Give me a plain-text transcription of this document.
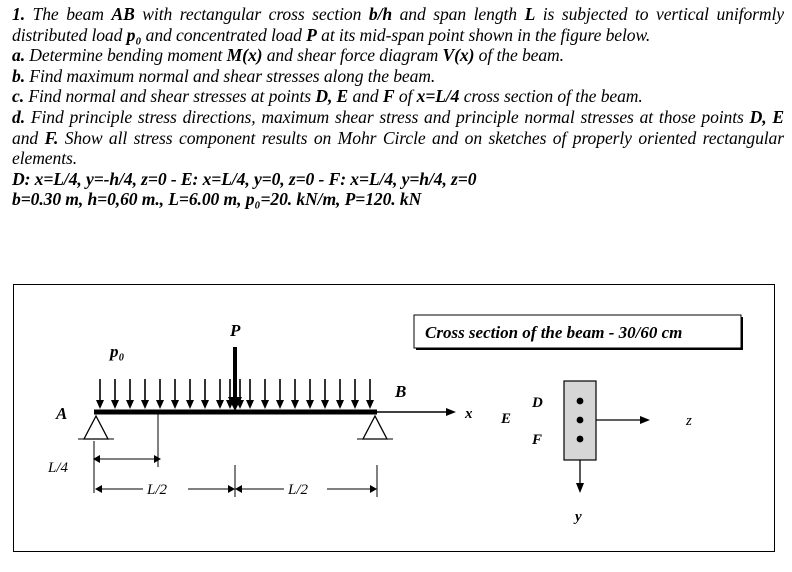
1. The beam AB with rectangular cross section b/h and span length L is subjected to vertical uniformly distributed load p₀ and concentrated load P at its mid-span point shown in the figure below.

a. Determine bending moment M(x) and shear force diagram V(x) of the beam.

b. Find maximum normal and shear stresses along the beam.

c. Find normal and shear stresses at points D, E and F of x=L/4 cross section of the beam.

d. Find principle stress directions, maximum shear stress and principle normal stresses at those points D, E and F. Show all stress component results on Mohr Circle and on sketches of properly oriented rectangular elements.

D: x=L/4, y=-h/4, z=0 - E: x=L/4, y=0, z=0 - F: x=L/4, y=h/4, z=0

b=0.30 m, h=0,60 m., L=6.00 m, p₀=20. kN/m, P=120. kN

P
p₀
x
A
B
L/4
L/2	L/2
Cross section of the beam - 30/60 cm
D
E
F
z
y
